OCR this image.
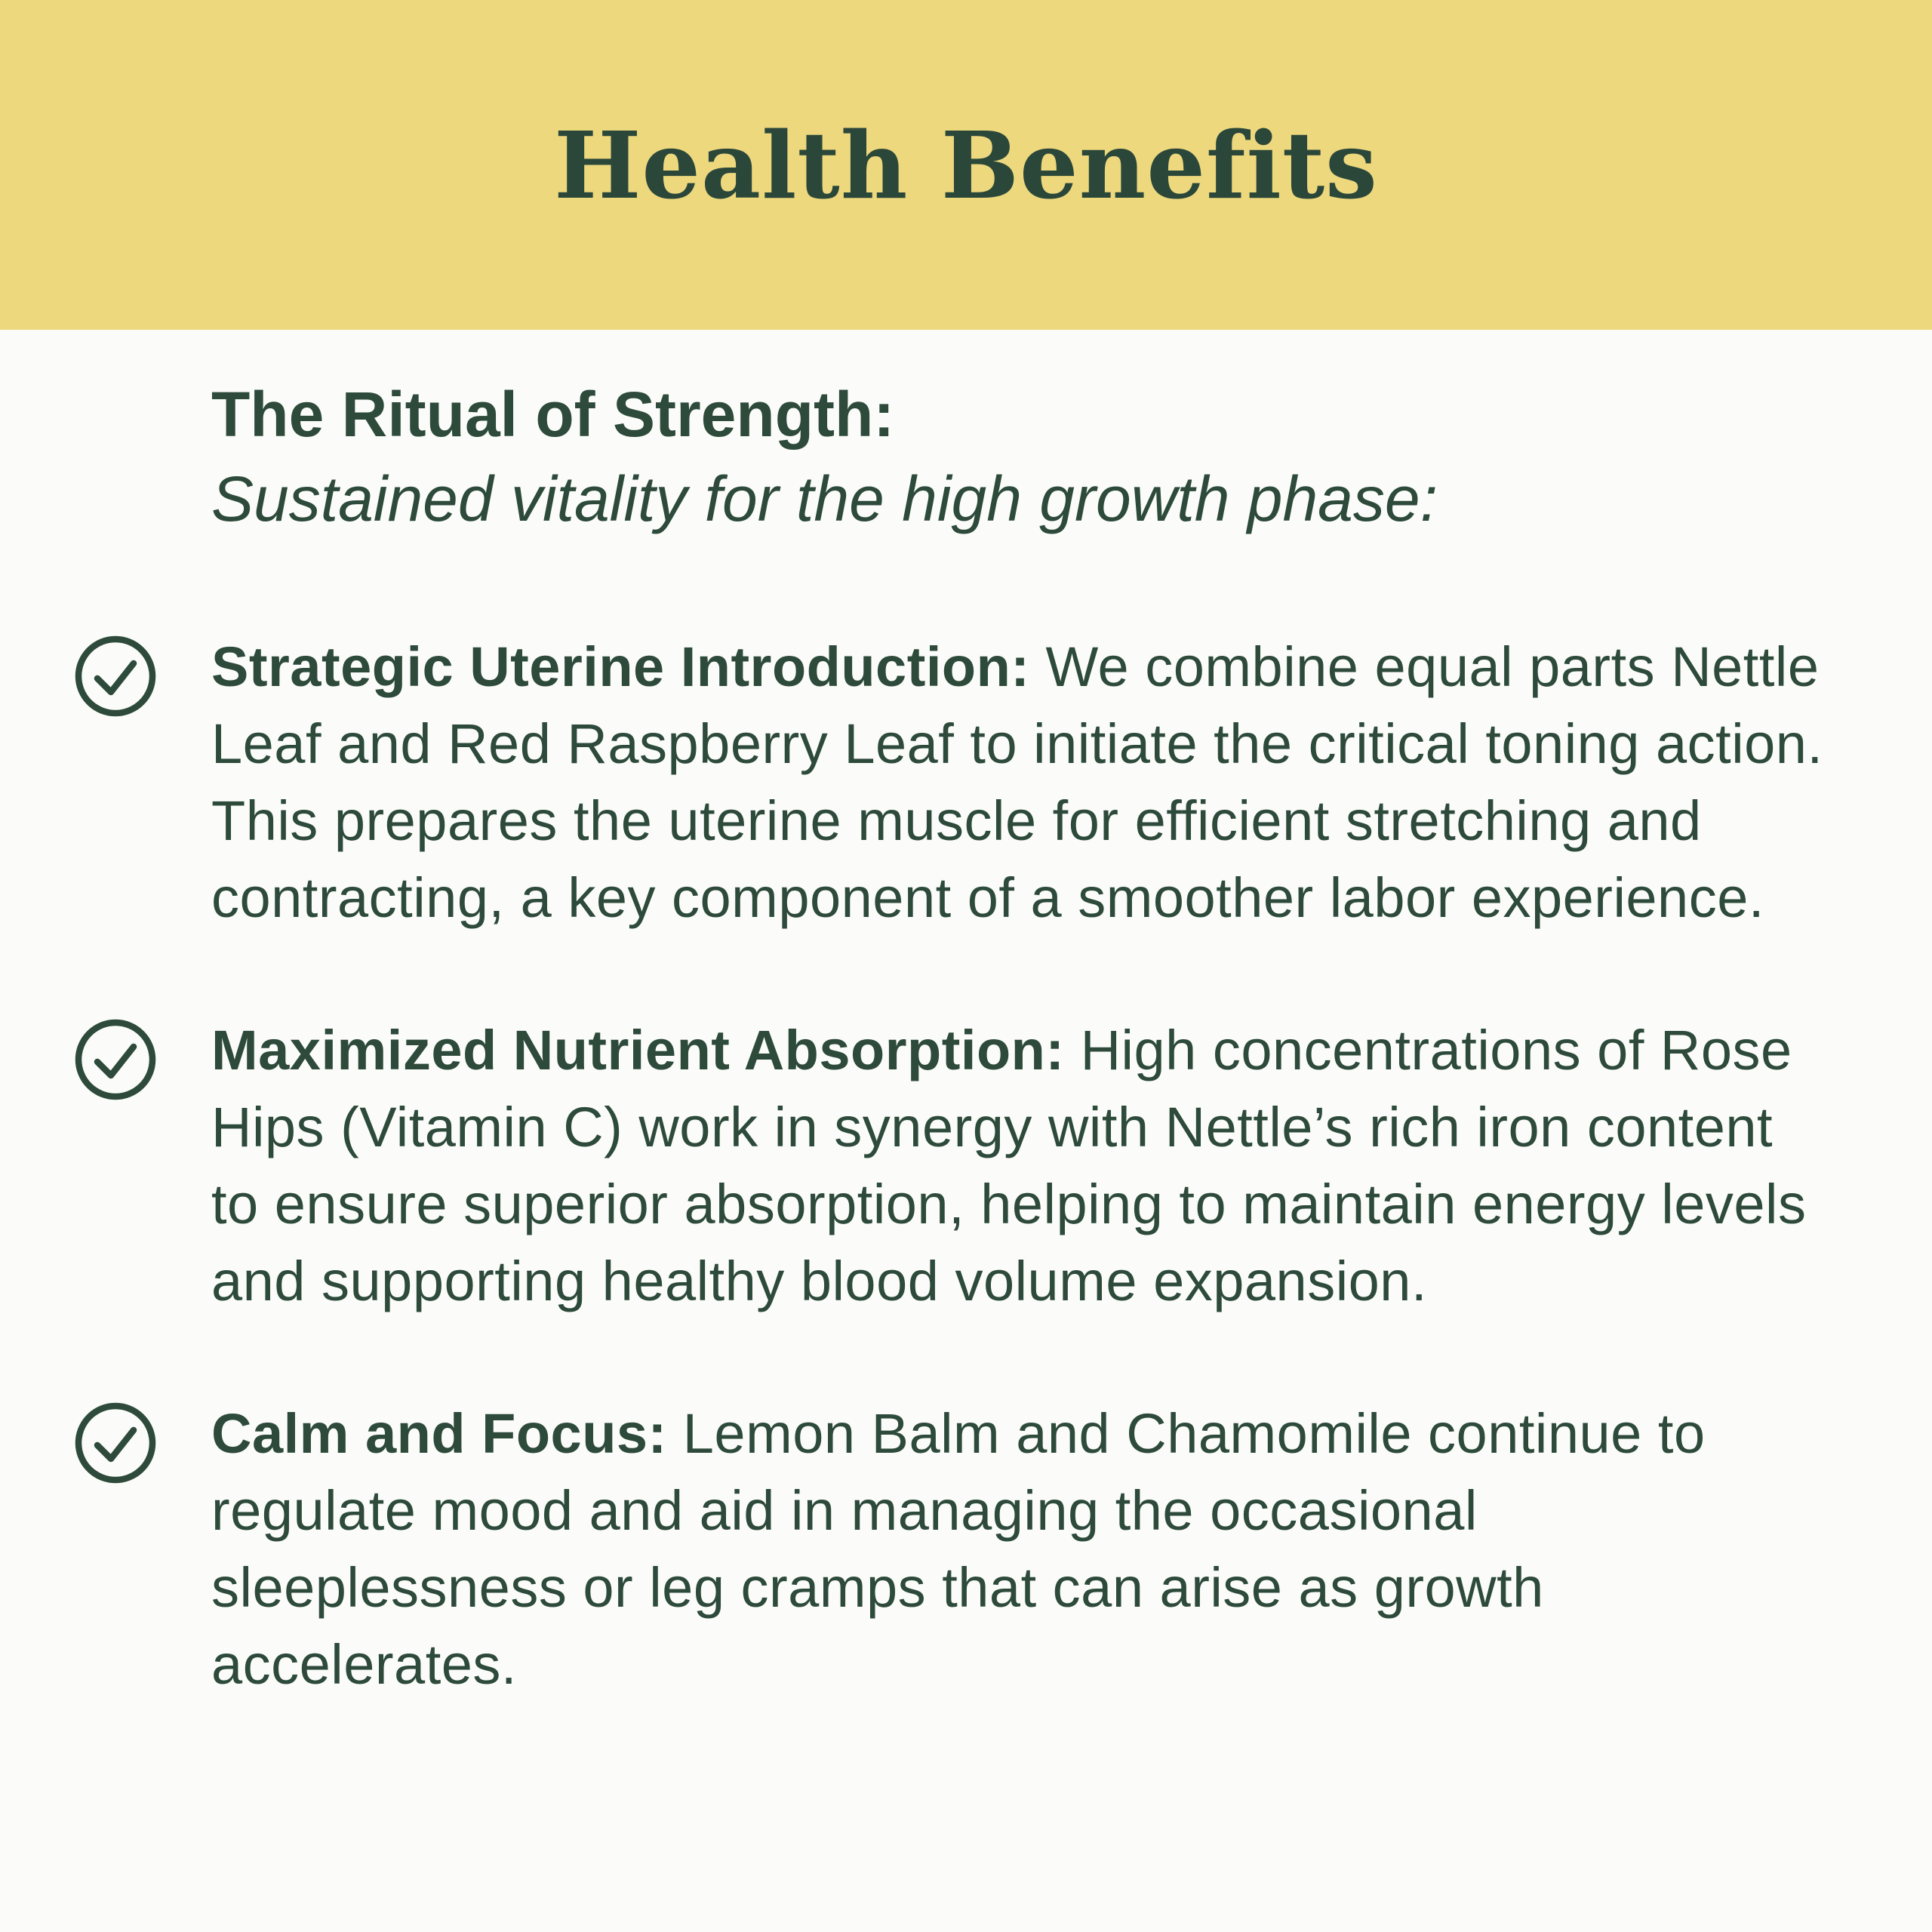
Health Benefits
The Ritual of Strength:

Sustained vitality for the high growth phase:

Strategic Uterine Introduction: We combine equal parts Nettle Leaf and Red Raspberry Leaf to initiate the critical toning action. This prepares the uterine muscle for efficient stretching and contracting, a key component of a smoother labor experience.

Maximized Nutrient Absorption: High concentrations of Rose Hips (Vitamin C) work in synergy with Nettle’s rich iron content to ensure superior absorption, helping to maintain energy levels and supporting healthy blood volume expansion.

Calm and Focus: Lemon Balm and Chamomile continue to regulate mood and aid in managing the occasional sleeplessness or leg cramps that can arise as growth accelerates.
